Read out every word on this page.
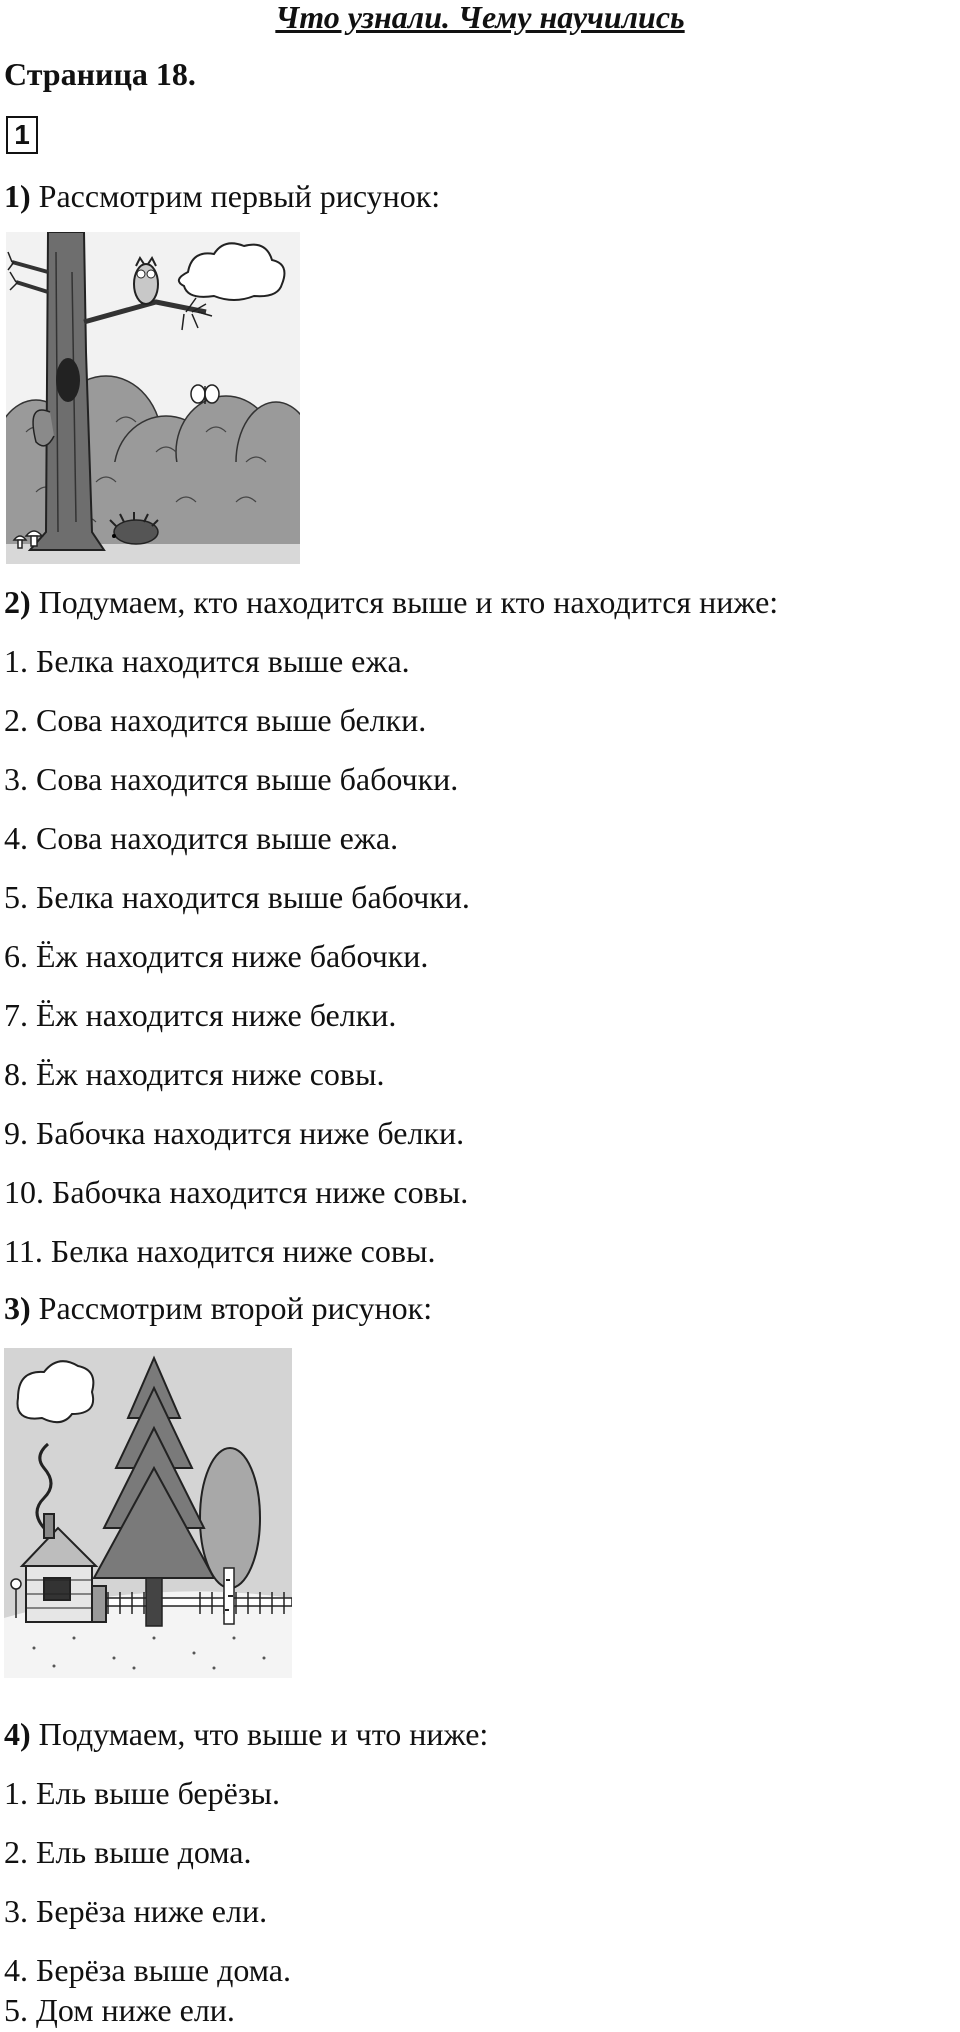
Что узнали. Чему научились
Страница 18.
1
1) Рассмотрим первый рисунок:
2) Подумаем, кто находится выше и кто находится ниже:
1. Белка находится выше ежа.
2. Сова находится выше белки.
3. Сова находится выше бабочки.
4. Сова находится выше ежа.
5. Белка находится выше бабочки.
6. Ёж находится ниже бабочки.
7. Ёж находится ниже белки.
8. Ёж находится ниже совы.
9. Бабочка находится ниже белки.
10. Бабочка находится ниже совы.
11. Белка находится ниже совы.
3) Рассмотрим второй рисунок:
4) Подумаем, что выше и что ниже:
1. Ель выше берёзы.
2. Ель выше дома.
3. Берёза ниже ели.
4. Берёза выше дома.
5. Дом ниже ели.
